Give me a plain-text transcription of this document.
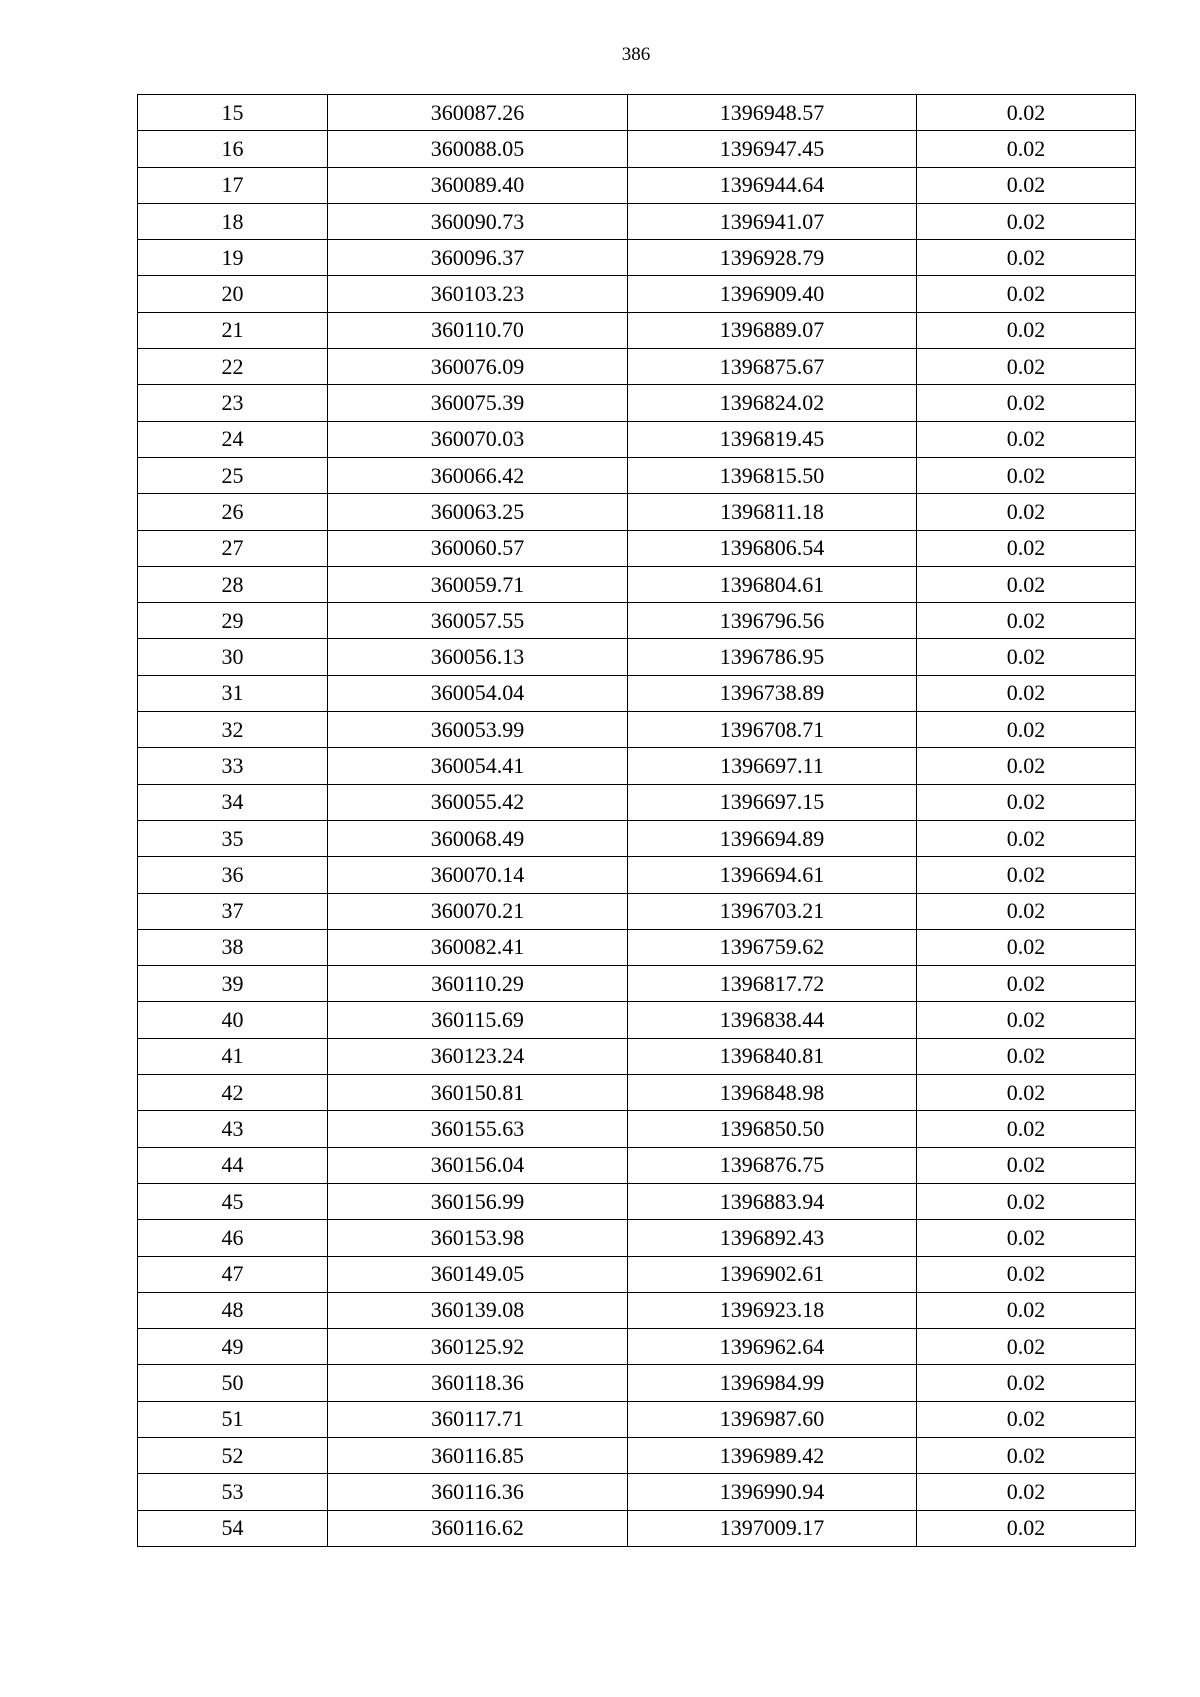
386
15	360087.26	1396948.57	0.02
16	360088.05	1396947.45	0.02
17	360089.40	1396944.64	0.02
18	360090.73	1396941.07	0.02
19	360096.37	1396928.79	0.02
20	360103.23	1396909.40	0.02
21	360110.70	1396889.07	0.02
22	360076.09	1396875.67	0.02
23	360075.39	1396824.02	0.02
24	360070.03	1396819.45	0.02
25	360066.42	1396815.50	0.02
26	360063.25	1396811.18	0.02
27	360060.57	1396806.54	0.02
28	360059.71	1396804.61	0.02
29	360057.55	1396796.56	0.02
30	360056.13	1396786.95	0.02
31	360054.04	1396738.89	0.02
32	360053.99	1396708.71	0.02
33	360054.41	1396697.11	0.02
34	360055.42	1396697.15	0.02
35	360068.49	1396694.89	0.02
36	360070.14	1396694.61	0.02
37	360070.21	1396703.21	0.02
38	360082.41	1396759.62	0.02
39	360110.29	1396817.72	0.02
40	360115.69	1396838.44	0.02
41	360123.24	1396840.81	0.02
42	360150.81	1396848.98	0.02
43	360155.63	1396850.50	0.02
44	360156.04	1396876.75	0.02
45	360156.99	1396883.94	0.02
46	360153.98	1396892.43	0.02
47	360149.05	1396902.61	0.02
48	360139.08	1396923.18	0.02
49	360125.92	1396962.64	0.02
50	360118.36	1396984.99	0.02
51	360117.71	1396987.60	0.02
52	360116.85	1396989.42	0.02
53	360116.36	1396990.94	0.02
54	360116.62	1397009.17	0.02
